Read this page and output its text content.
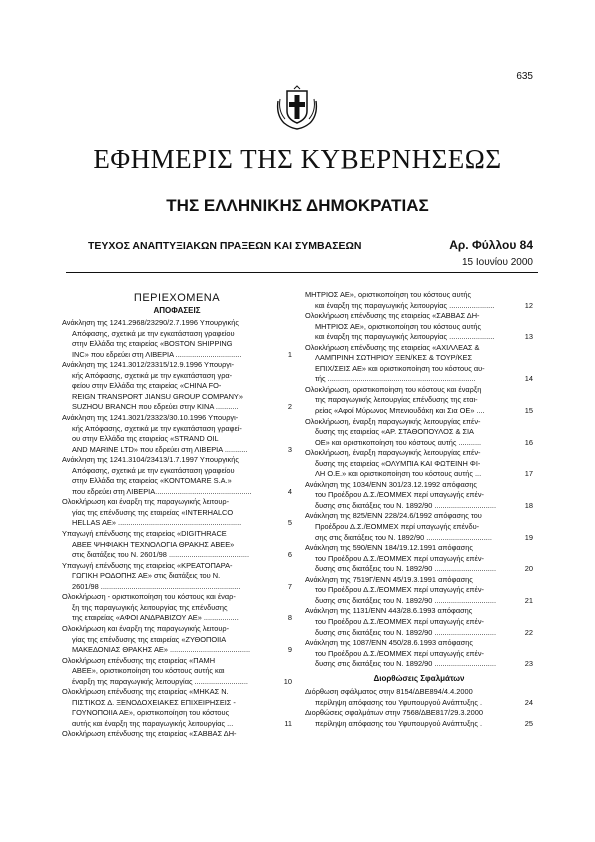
635
ΕΦΗΜΕΡΙΣ ΤΗΣ ΚΥΒΕΡΝΗΣΕΩΣ
ΤΗΣ ΕΛΛΗΝΙΚΗΣ ΔΗΜΟΚΡΑΤΙΑΣ
ΤΕΥΧΟΣ ΑΝΑΠΤΥΞΙΑΚΩΝ ΠΡΑΞΕΩΝ ΚΑΙ ΣΥΜΒΑΣΕΩΝ	Αρ. Φύλλου 84
15 Ιουνίου 2000
ΠΕΡΙΕΧΟΜΕΝΑ
ΑΠΟΦΑΣΕΙΣ
Ανάκληση της 1241.2968/23290/2.7.1996 Υπουργικής
Απόφασης, σχετικά με την εγκατάσταση γραφείου
στην Ελλάδα της εταιρείας «BOSTON SHIPPING
INC» που εδρεύει στη ΛΙΒΕΡΙΑ ................................	1
Ανάκληση της 1241.3012/23315/12.9.1996 Υπουργι-
κής Απόφασης, σχετικά με την εγκατάσταση γρα-
φείου στην Ελλάδα της εταιρείας «CHINA FO-
REIGN TRANSPORT JIANSU GROUP COMPANY»
SUZHOU BRANCH που εδρεύει στην ΚΙΝΑ ...........	2
Ανάκληση της 1241.3021/23323/30.10.1996 Υπουργι-
κής Απόφασης, σχετικά με την εγκατάσταση γραφεί-
ου στην Ελλάδα της εταιρείας «STRAND OIL
AND MARINE LTD» που εδρεύει στη ΛΙΒΕΡΙΑ ...........	3
Ανάκληση της 1241.3104/23413/1.7.1997 Υπουργικής
Απόφασης, σχετικά με την εγκατάσταση γραφείου
στην Ελλάδα της εταιρείας «KONTOMARE S.A.»
που εδρεύει στη ΛΙΒΕΡΙΑ...............................................	4
Ολοκλήρωση και έναρξη της παραγωγικής λειτουρ-
γίας της επένδυσης της εταιρείας «INTERHALCO
HELLAS AE» ............................................................	5
Υπαγωγή επένδυσης της εταιρείας «DIGITHRACE
ΑΒΕΕ ΨΗΦΙΑΚΗ ΤΕΧΝΟΛΟΓΙΑ ΘΡΑΚΗΣ ΑΒΕΕ»
στις διατάξεις του Ν. 2601/98 .......................................	6
Υπαγωγή επένδυσης της εταιρείας «ΚΡΕΑΤΟΠΑΡΑ-
ΓΩΓΙΚΗ ΡΟΔΟΠΗΣ ΑΕ» στις διατάξεις του Ν.
2601/98 ....................................................................	7
Ολοκλήρωση - οριστικοποίηση του κόστους και έναρ-
ξη της παραγωγικής λειτουργίας της επένδυσης
της εταιρείας «ΑΦΟΙ ΑΝΔΡΑΒΙΖΟΥ ΑΕ» .................	8
Ολοκλήρωση και έναρξη της παραγωγικής λειτουρ-
γίας της επένδυσης της εταιρείας «ΖΥΘΟΠΟΙΙΑ
ΜΑΚΕΔΟΝΙΑΣ ΘΡΑΚΗΣ ΑΕ» .......................................	9
Ολοκλήρωση επένδυσης της εταιρείας «ΠΑΜΗ
ΑΒΕΕ», οριστικοποίηση του κόστους αυτής και
έναρξη της παραγωγικής λειτουργίας ..........................	10
Ολοκλήρωση επένδυσης της εταιρείας «ΜΗΚΑΣ Ν.
ΠΙΣΤΙΚΟΣ Δ. ΞΕΝΟΔΟΧΕΙΑΚΕΣ ΕΠΙΧΕΙΡΗΣΕΙΣ -
ΓΟΥΝΟΠΟΙΙΑ ΑΕ», οριστικοποίηση του κόστους
αυτής και έναρξη της παραγωγικής λειτουργίας ...	11
Ολοκλήρωση επένδυσης της εταιρείας «ΣΑΒΒΑΣ ΔΗ-
ΜΗΤΡΙΟΣ ΑΕ», οριστικοποίηση του κόστους αυτής
και έναρξη της παραγωγικής λειτουργίας ......................	12
Ολοκλήρωση επένδυσης της εταιρείας «ΣΑΒΒΑΣ ΔΗ-
ΜΗΤΡΙΟΣ ΑΕ», οριστικοποίηση του κόστους αυτής
και έναρξη της παραγωγικής λειτουργίας ......................	13
Ολοκλήρωση επένδυσης της εταιρείας «ΑΧΙΛΛΕΑΣ &
ΛΑΜΠΡΙΝΗ ΣΩΤΗΡΙΟΥ ΞΕΝ/ΚΕΣ & ΤΟΥΡ/ΚΕΣ
ΕΠΙΧ/ΣΕΙΣ ΑΕ» και οριστικοποίηση του κόστους αυ-
τής ........................................................................	14
Ολοκλήρωση, οριστικοποίηση του κόστους και έναρξη
της παραγωγικής λειτουργίας επένδυσης της εται-
ρείας «Αφοί Μύρωνος Μπενιουδάκη και Σια ΟΕ» ....	15
Ολοκλήρωση, έναρξη παραγωγικής λειτουργίας επέν-
δυσης της εταιρείας «ΑΡ. ΣΤΑΘΟΠΟΥΛΟΣ & ΣΙΑ
ΟΕ» και οριστικοποίηση του κόστους αυτής ...........	16
Ολοκλήρωση, έναρξη παραγωγικής λειτουργίας επέν-
δυσης της εταιρείας «ΟΛΥΜΠΙΑ ΚΑΙ ΦΩΤΕΙΝΗ ΦΙ-
ΛΗ Ο.Ε.» και οριστικοποίηση του κόστους αυτής ...	17
Ανάκληση της 1034/ΕΝΝ 301/23.12.1992 απόφασης
του Προέδρου Δ.Σ./ΕΟΜΜΕΧ περί υπαγωγής επέν-
δυσης στις διατάξεις του Ν. 1892/90 ..............................	18
Ανάκληση της 825/ΕΝΝ 228/24.6/1992 απόφασης του
Προέδρου Δ.Σ./ΕΟΜΜΕΧ περί υπαγωγής επένδυ-
σης στις διατάξεις του Ν. 1892/90 ................................	19
Ανάκληση της 590/ΕΝΝ 184/19.12.1991 απόφασης
του Προέδρου Δ.Σ./ΕΟΜΜΕΧ περί υπαγωγής επέν-
δυσης στις διατάξεις του Ν. 1892/90 ..............................	20
Ανάκληση της 7519Γ/ΕΝΝ 45/19.3.1991 απόφασης
του Προέδρου Δ.Σ./ΕΟΜΜΕΧ περί υπαγωγής επέν-
δυσης στις διατάξεις του Ν. 1892/90 ..............................	21
Ανάκληση της 1131/ΕΝΝ 443/28.6.1993 απόφασης
του Προέδρου Δ.Σ./ΕΟΜΜΕΧ περί υπαγωγής επέν-
δυσης στις διατάξεις του Ν. 1892/90 ..............................	22
Ανάκληση της 1087/ΕΝΝ 450/28.6.1993 απόφασης
του Προέδρου Δ.Σ./ΕΟΜΜΕΧ περί υπαγωγής επέν-
δυσης στις διατάξεις του Ν. 1892/90 ..............................	23
Διορθώσεις Σφαλμάτων
Διόρθωση σφάλματος στην 8154/ΔΒΕ894/4.4.2000
περίληψη απόφασης του Υφυπουργού Ανάπτυξης .	24
Διορθώσεις σφαλμάτων στην 7568/ΔΒΕ817/29.3.2000
περίληψη απόφασης του Υφυπουργού Ανάπτυξης .	25
